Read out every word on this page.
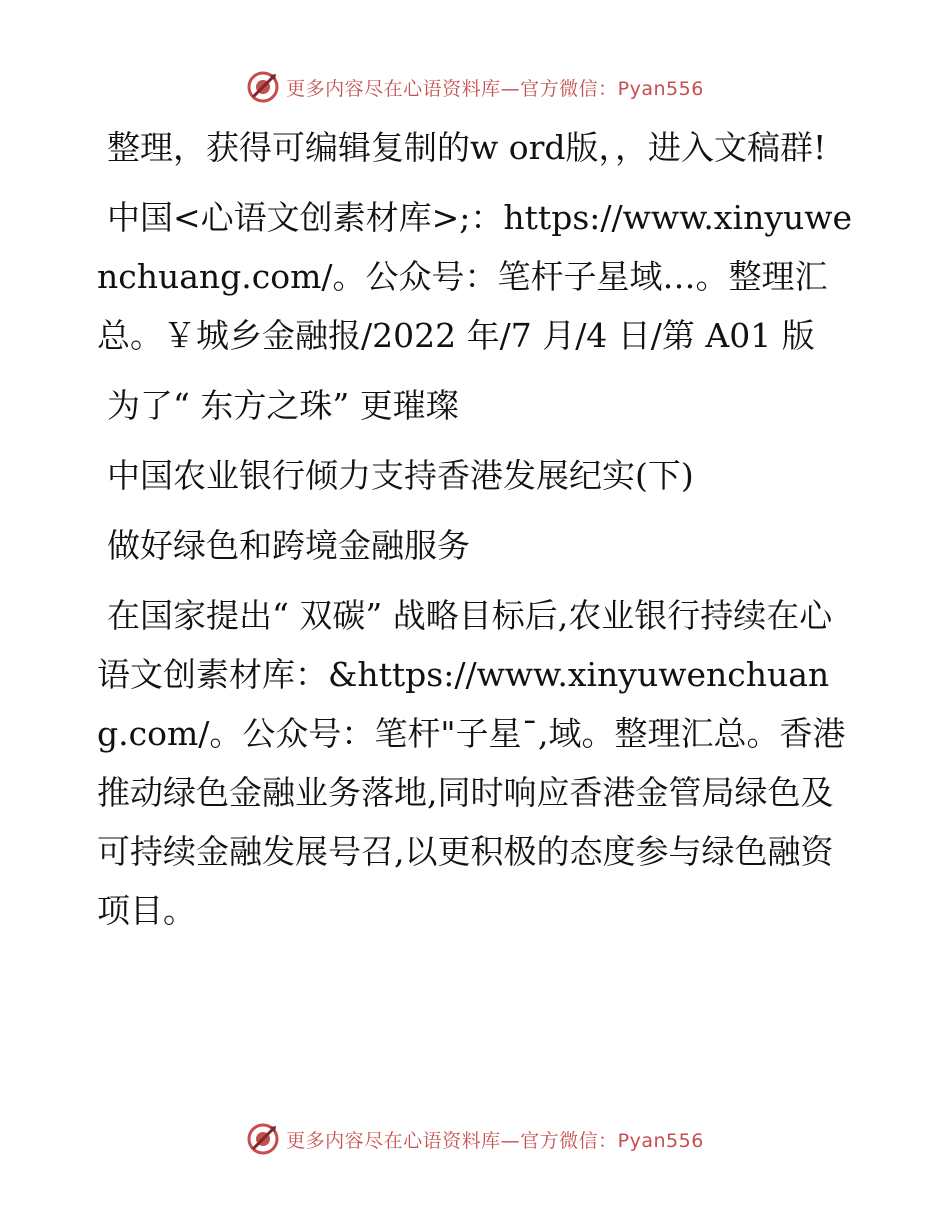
更多内容尽在心语资料库—官方微信：Pyan556

整理，获得可编辑复制的w ord版，，进入文稿群!

中国<心语文创素材库>;：https://www.xinyuwenchuang.com/。公众号：笔杆子星域…。整理汇总。￥城乡金融报/2022 年/7 月/4 日/第 A01 版

为了“ 东方之珠” 更璀璨

中国农业银行倾力支持香港发展纪实(下)

做好绿色和跨境金融服务

在国家提出“ 双碳” 战略目标后,农业银行持续在心语文创素材库：&https://www.xinyuwenchuang.com/。公众号：笔杆"子星¯,域。整理汇总。香港推动绿色金融业务落地,同时响应香港金管局绿色及可持续金融发展号召,以更积极的态度参与绿色融资项目。

更多内容尽在心语资料库—官方微信：Pyan556
